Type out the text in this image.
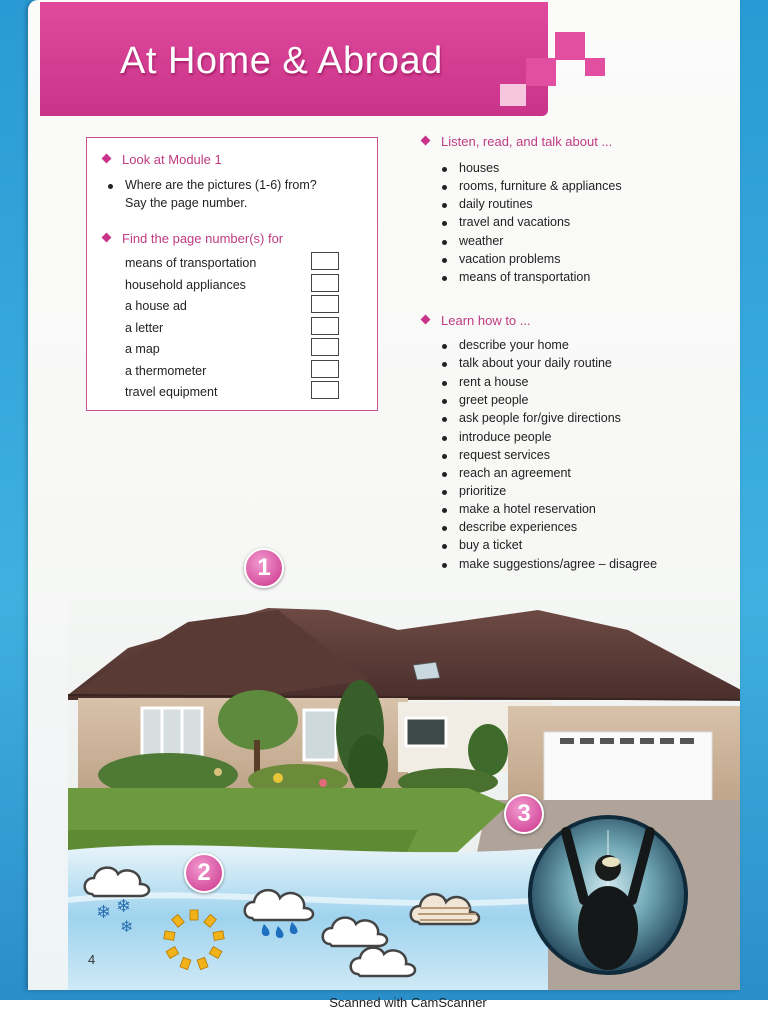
At Home & Abroad
Look at Module 1
Where are the pictures (1-6) from?
Say the page number.
Find the page number(s) for
means of transportation
household appliances
a house ad
a letter
a map
a thermometer
travel equipment
Listen, read, and talk about ...
houses
rooms, furniture & appliances
daily routines
travel and vacations
weather
vacation problems
means of transportation
Learn how to ...
describe your home
talk about your daily routine
rent a house
greet people
ask people for/give directions
introduce people
request services
reach an agreement
prioritize
make a hotel reservation
describe experiences
buy a ticket
make suggestions/agree – disagree
❄ ❄
❄
1
2
3
4
Scanned with CamScanner
